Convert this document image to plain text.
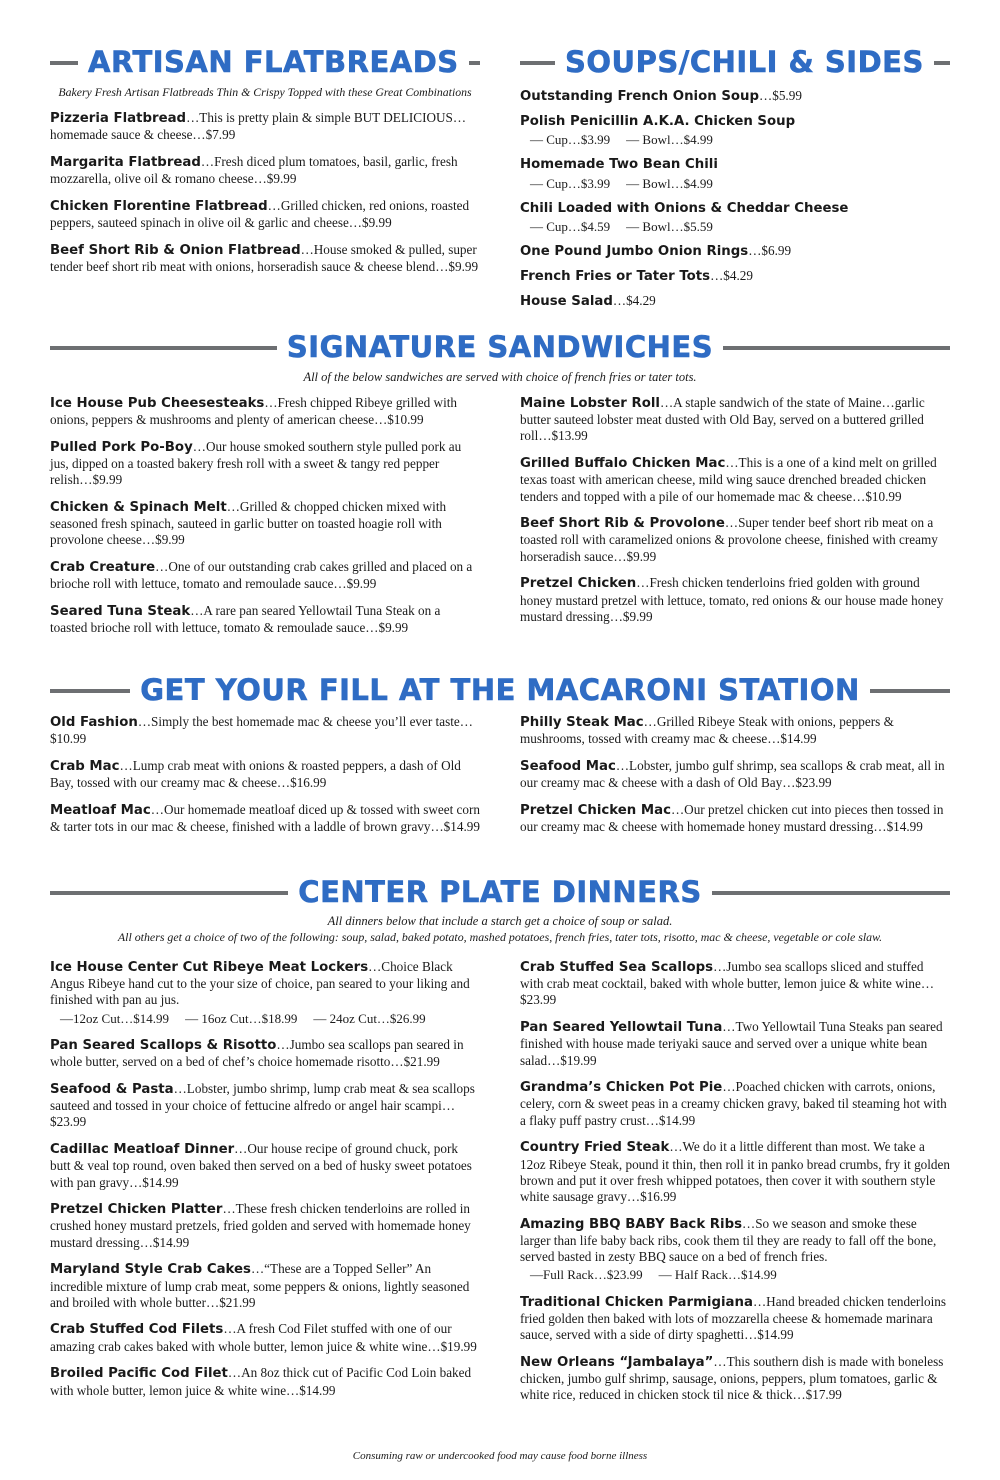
ARTISAN FLATBREADS
Bakery Fresh Artisan Flatbreads Thin & Crispy Topped with these Great Combinations
Pizzeria Flatbread…This is pretty plain & simple BUT DELICIOUS… homemade sauce & cheese…$7.99
Margarita Flatbread…Fresh diced plum tomatoes, basil, garlic, fresh mozzarella, olive oil & romano cheese…$9.99
Chicken Florentine Flatbread…Grilled chicken, red onions, roasted peppers, sauteed spinach in olive oil & garlic and cheese…$9.99
Beef Short Rib & Onion Flatbread…House smoked & pulled, super tender beef short rib meat with onions, horseradish sauce & cheese blend…$9.99
SOUPS/CHILI & SIDES
Outstanding French Onion Soup…$5.99
Polish Penicillin A.K.A. Chicken Soup
— Cup…$3.99 — Bowl…$4.99
Homemade Two Bean Chili
— Cup…$3.99 — Bowl…$4.99
Chili Loaded with Onions & Cheddar Cheese
— Cup…$4.59 — Bowl…$5.59
One Pound Jumbo Onion Rings…$6.99
French Fries or Tater Tots…$4.29
House Salad…$4.29
SIGNATURE SANDWICHES
All of the below sandwiches are served with choice of french fries or tater tots.
Ice House Pub Cheesesteaks…Fresh chipped Ribeye grilled with onions, peppers & mushrooms and plenty of american cheese…$10.99
Pulled Pork Po-Boy…Our house smoked southern style pulled pork au jus, dipped on a toasted bakery fresh roll with a sweet & tangy red pepper relish…$9.99
Chicken & Spinach Melt…Grilled & chopped chicken mixed with seasoned fresh spinach, sauteed in garlic butter on toasted hoagie roll with provolone cheese…$9.99
Crab Creature…One of our outstanding crab cakes grilled and placed on a brioche roll with lettuce, tomato and remoulade sauce…$9.99
Seared Tuna Steak…A rare pan seared Yellowtail Tuna Steak on a toasted brioche roll with lettuce, tomato & remoulade sauce…$9.99
Maine Lobster Roll…A staple sandwich of the state of Maine…garlic butter sauteed lobster meat dusted with Old Bay, served on a buttered grilled roll…$13.99
Grilled Buffalo Chicken Mac…This is a one of a kind melt on grilled texas toast with american cheese, mild wing sauce drenched breaded chicken tenders and topped with a pile of our homemade mac & cheese…$10.99
Beef Short Rib & Provolone…Super tender beef short rib meat on a toasted roll with caramelized onions & provolone cheese, finished with creamy horseradish sauce…$9.99
Pretzel Chicken…Fresh chicken tenderloins fried golden with ground honey mustard pretzel with lettuce, tomato, red onions & our house made honey mustard dressing…$9.99
GET YOUR FILL AT THE MACARONI STATION
Old Fashion…Simply the best homemade mac & cheese you’ll ever taste…$10.99
Crab Mac…Lump crab meat with onions & roasted peppers, a dash of Old Bay, tossed with our creamy mac & cheese…$16.99
Meatloaf Mac…Our homemade meatloaf diced up & tossed with sweet corn & tarter tots in our mac & cheese, finished with a laddle of brown gravy…$14.99
Philly Steak Mac…Grilled Ribeye Steak with onions, peppers & mushrooms, tossed with creamy mac & cheese…$14.99
Seafood Mac…Lobster, jumbo gulf shrimp, sea scallops & crab meat, all in our creamy mac & cheese with a dash of Old Bay…$23.99
Pretzel Chicken Mac…Our pretzel chicken cut into pieces then tossed in our creamy mac & cheese with homemade honey mustard dressing…$14.99
CENTER PLATE DINNERS
All dinners below that include a starch get a choice of soup or salad.
All others get a choice of two of the following: soup, salad, baked potato, mashed potatoes, french fries, tater tots, risotto, mac & cheese, vegetable or cole slaw.
Ice House Center Cut Ribeye Meat Lockers…Choice Black Angus Ribeye hand cut to the your size of choice, pan seared to your liking and finished with pan au jus.
—12oz Cut…$14.99 — 16oz Cut…$18.99 — 24oz Cut…$26.99
Pan Seared Scallops & Risotto…Jumbo sea scallops pan seared in whole butter, served on a bed of chef’s choice homemade risotto…$21.99
Seafood & Pasta…Lobster, jumbo shrimp, lump crab meat & sea scallops sauteed and tossed in your choice of fettucine alfredo or angel hair scampi…$23.99
Cadillac Meatloaf Dinner…Our house recipe of ground chuck, pork butt & veal top round, oven baked then served on a bed of husky sweet potatoes with pan gravy…$14.99
Pretzel Chicken Platter…These fresh chicken tenderloins are rolled in crushed honey mustard pretzels, fried golden and served with homemade honey mustard dressing…$14.99
Maryland Style Crab Cakes…“These are a Topped Seller” An incredible mixture of lump crab meat, some peppers & onions, lightly seasoned and broiled with whole butter…$21.99
Crab Stuffed Cod Filets…A fresh Cod Filet stuffed with one of our amazing crab cakes baked with whole butter, lemon juice & white wine…$19.99
Broiled Pacific Cod Filet…An 8oz thick cut of Pacific Cod Loin baked with whole butter, lemon juice & white wine…$14.99
Crab Stuffed Sea Scallops…Jumbo sea scallops sliced and stuffed with crab meat cocktail, baked with whole butter, lemon juice & white wine…$23.99
Pan Seared Yellowtail Tuna…Two Yellowtail Tuna Steaks pan seared finished with house made teriyaki sauce and served over a unique white bean salad…$19.99
Grandma’s Chicken Pot Pie…Poached chicken with carrots, onions, celery, corn & sweet peas in a creamy chicken gravy, baked til steaming hot with a flaky puff pastry crust…$14.99
Country Fried Steak…We do it a little different than most. We take a 12oz Ribeye Steak, pound it thin, then roll it in panko bread crumbs, fry it golden brown and put it over fresh whipped potatoes, then cover it with southern style white sausage gravy…$16.99
Amazing BBQ BABY Back Ribs…So we season and smoke these larger than life baby back ribs, cook them til they are ready to fall off the bone, served basted in zesty BBQ sauce on a bed of french fries.
—Full Rack…$23.99 — Half Rack…$14.99
Traditional Chicken Parmigiana…Hand breaded chicken tenderloins fried golden then baked with lots of mozzarella cheese & homemade marinara sauce, served with a side of dirty spaghetti…$14.99
New Orleans “Jambalaya”…This southern dish is made with boneless chicken, jumbo gulf shrimp, sausage, onions, peppers, plum tomatoes, garlic & white rice, reduced in chicken stock til nice & thick…$17.99
Consuming raw or undercooked food may cause food borne illness
